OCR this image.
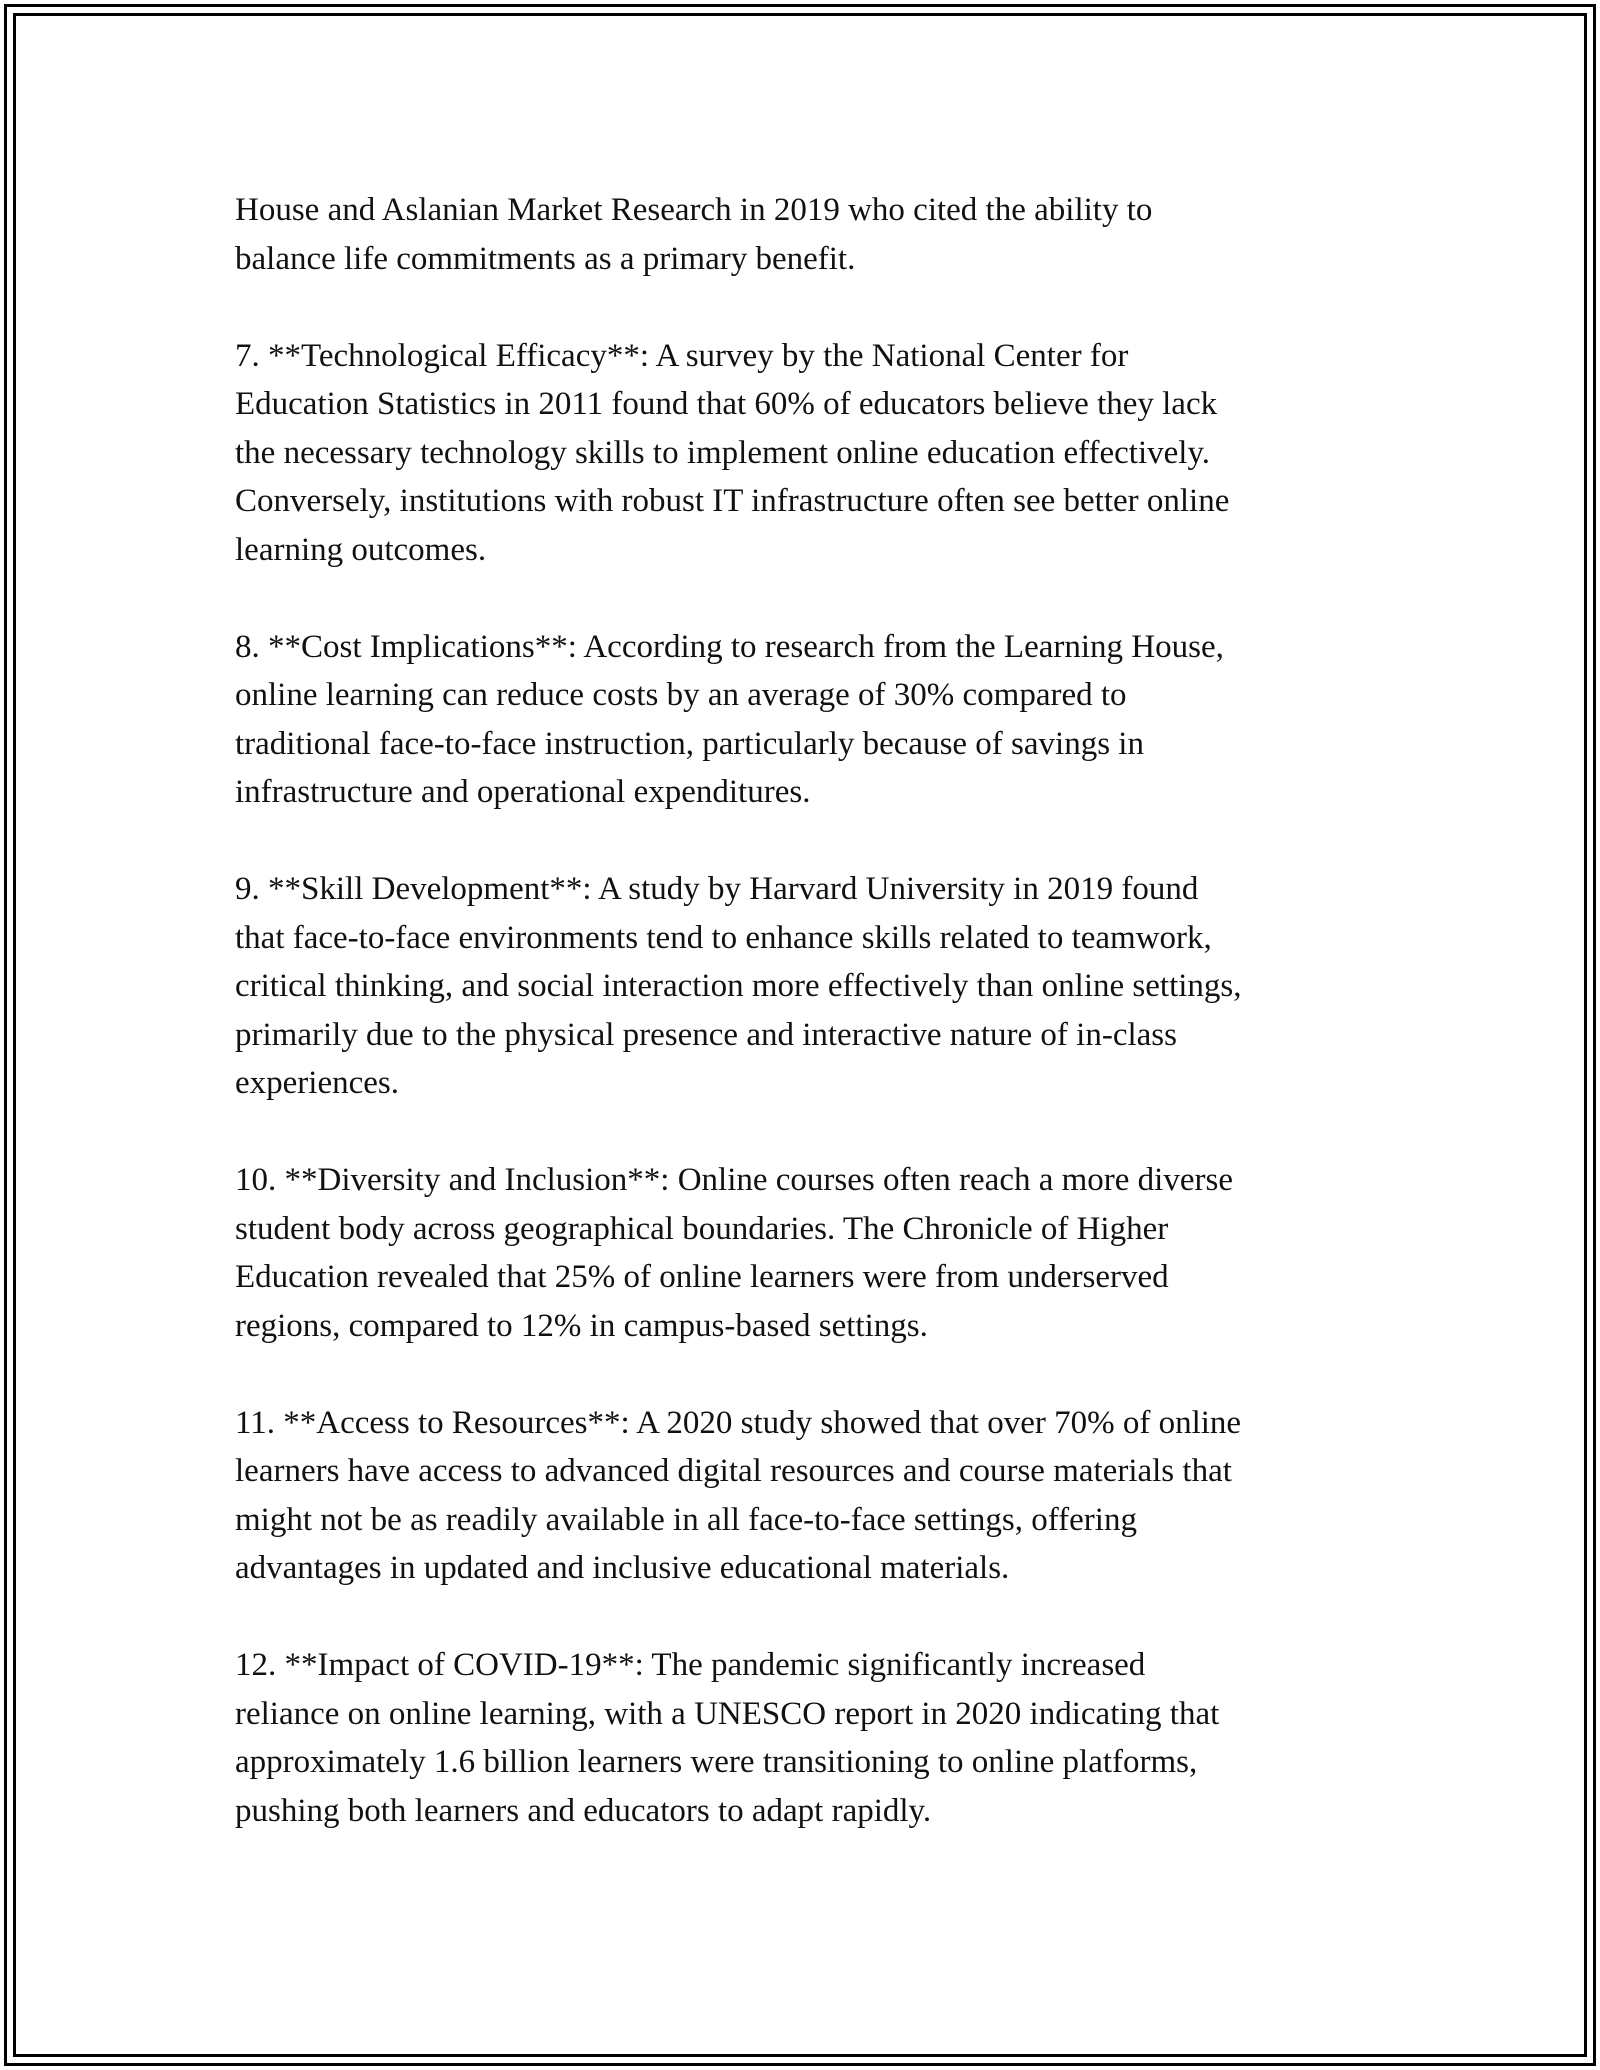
House and Aslanian Market Research in 2019 who cited the ability to
balance life commitments as a primary benefit.

7. **Technological Efficacy**: A survey by the National Center for
Education Statistics in 2011 found that 60% of educators believe they lack
the necessary technology skills to implement online education effectively.
Conversely, institutions with robust IT infrastructure often see better online
learning outcomes.

8. **Cost Implications**: According to research from the Learning House,
online learning can reduce costs by an average of 30% compared to
traditional face-to-face instruction, particularly because of savings in
infrastructure and operational expenditures.

9. **Skill Development**: A study by Harvard University in 2019 found
that face-to-face environments tend to enhance skills related to teamwork,
critical thinking, and social interaction more effectively than online settings,
primarily due to the physical presence and interactive nature of in-class
experiences.

10. **Diversity and Inclusion**: Online courses often reach a more diverse
student body across geographical boundaries. The Chronicle of Higher
Education revealed that 25% of online learners were from underserved
regions, compared to 12% in campus-based settings.

11. **Access to Resources**: A 2020 study showed that over 70% of online
learners have access to advanced digital resources and course materials that
might not be as readily available in all face-to-face settings, offering
advantages in updated and inclusive educational materials.

12. **Impact of COVID-19**: The pandemic significantly increased
reliance on online learning, with a UNESCO report in 2020 indicating that
approximately 1.6 billion learners were transitioning to online platforms,
pushing both learners and educators to adapt rapidly.
